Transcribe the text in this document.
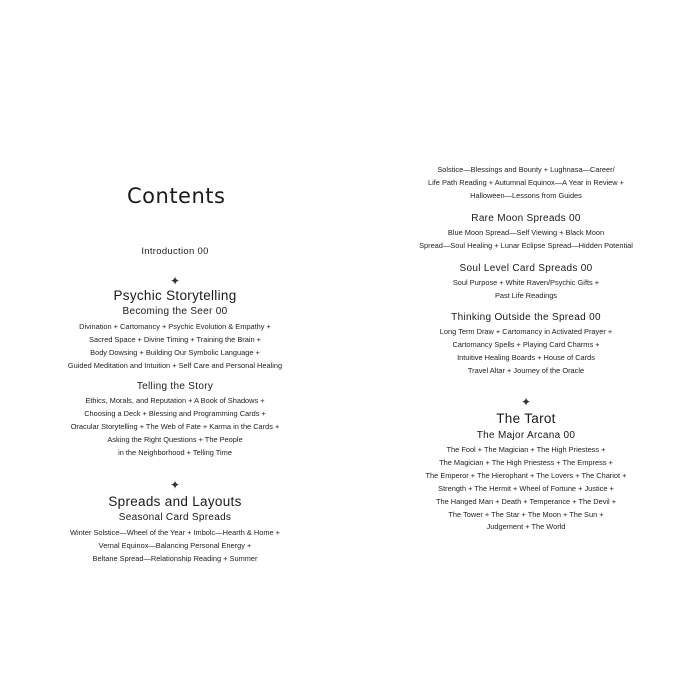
Contents
Introduction 00
✦
Psychic Storytelling
Becoming the Seer 00
Divination + Cartomancy + Psychic Evolution & Empathy +
Sacred Space + Divine Timing + Training the Brain +
Body Dowsing + Building Our Symbolic Language +
Guided Meditation and Intuition + Self Care and Personal Healing
Telling the Story
Ethics, Morals, and Reputation + A Book of Shadows +
Choosing a Deck + Blessing and Programming Cards +
Oracular Storytelling + The Web of Fate + Karma in the Cards +
Asking the Right Questions + The People
in the Neighborhood + Telling Time
✦
Spreads and Layouts
Seasonal Card Spreads
Winter Solstice—Wheel of the Year + Imbolc—Hearth & Home +
Vernal Equinox—Balancing Personal Energy +
Beltane Spread—Relationship Reading + Summer
Solstice—Blessings and Bounty + Lughnasa—Career/
Life Path Reading + Autumnal Equinox—A Year in Review +
Halloween—Lessons from Guides
Rare Moon Spreads 00
Blue Moon Spread—Self Viewing + Black Moon
Spread—Soul Healing + Lunar Eclipse Spread—Hidden Potential
Soul Level Card Spreads 00
Soul Purpose + White Raven/Psychic Gifts +
Past Life Readings
Thinking Outside the Spread 00
Long Term Draw + Cartomancy in Activated Prayer +
Cartomancy Spells + Playing Card Charms +
Intuitive Healing Boards + House of Cards
Travel Altar + Journey of the Oracle
✦
The Tarot
The Major Arcana 00
The Fool + The Magician + The High Priestess +
The Magician + The High Priestess + The Empress +
The Emperor + The Hierophant + The Lovers + The Chariot +
Strength + The Hermit + Wheel of Fortune + Justice +
The Hanged Man + Death + Temperance + The Devil +
The Tower + The Star + The Moon + The Sun +
Judgement + The World
